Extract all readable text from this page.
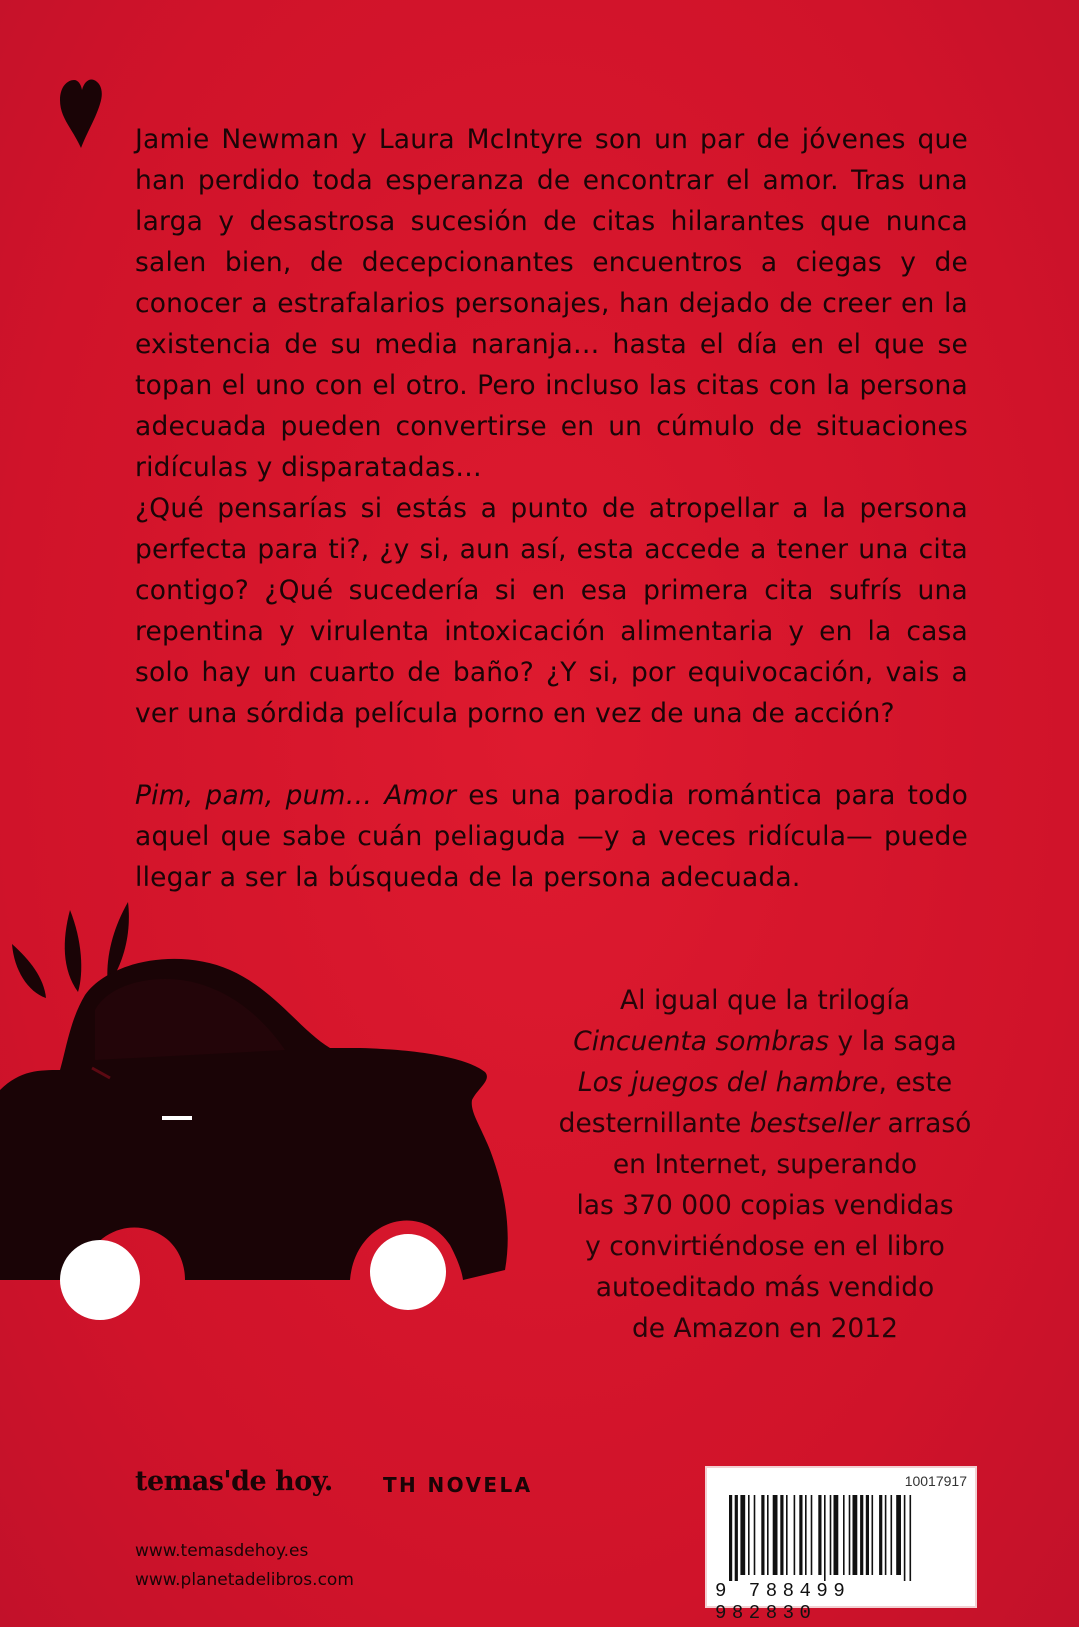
Jamie Newman y Laura McIntyre son un par de jóvenes que han perdido toda esperanza de encontrar el amor. Tras una larga y desastrosa sucesión de citas hilarantes que nunca salen bien, de decepcionantes encuentros a ciegas y de conocer a estrafalarios personajes, han dejado de creer en la existencia de su media naranja… hasta el día en el que se topan el uno con el otro. Pero incluso las citas con la persona adecuada pueden convertirse en un cúmulo de situaciones ridículas y disparatadas…

¿Qué pensarías si estás a punto de atropellar a la persona perfecta para ti?, ¿y si, aun así, esta accede a tener una cita contigo? ¿Qué sucedería si en esa primera cita sufrís una repentina y virulenta intoxicación alimentaria y en la casa solo hay un cuarto de baño? ¿Y si, por equivocación, vais a ver una sórdida película porno en vez de una de acción?

Pim, pam, pum… Amor es una parodia romántica para todo aquel que sabe cuán peliaguda —y a veces ridícula— puede llegar a ser la búsqueda de la persona adecuada.

Al igual que la trilogía
Cincuenta sombras y la saga
Los juegos del hambre, este
desternillante bestseller arrasó
en Internet, superando
las 370 000 copias vendidas
y convirtiéndose en el libro
autoeditado más vendido
de Amazon en 2012
temas'de hoy.	TH NOVELA
www.temasdehoy.es
www.planetadelibros.com
10017917
9 788499 982830
